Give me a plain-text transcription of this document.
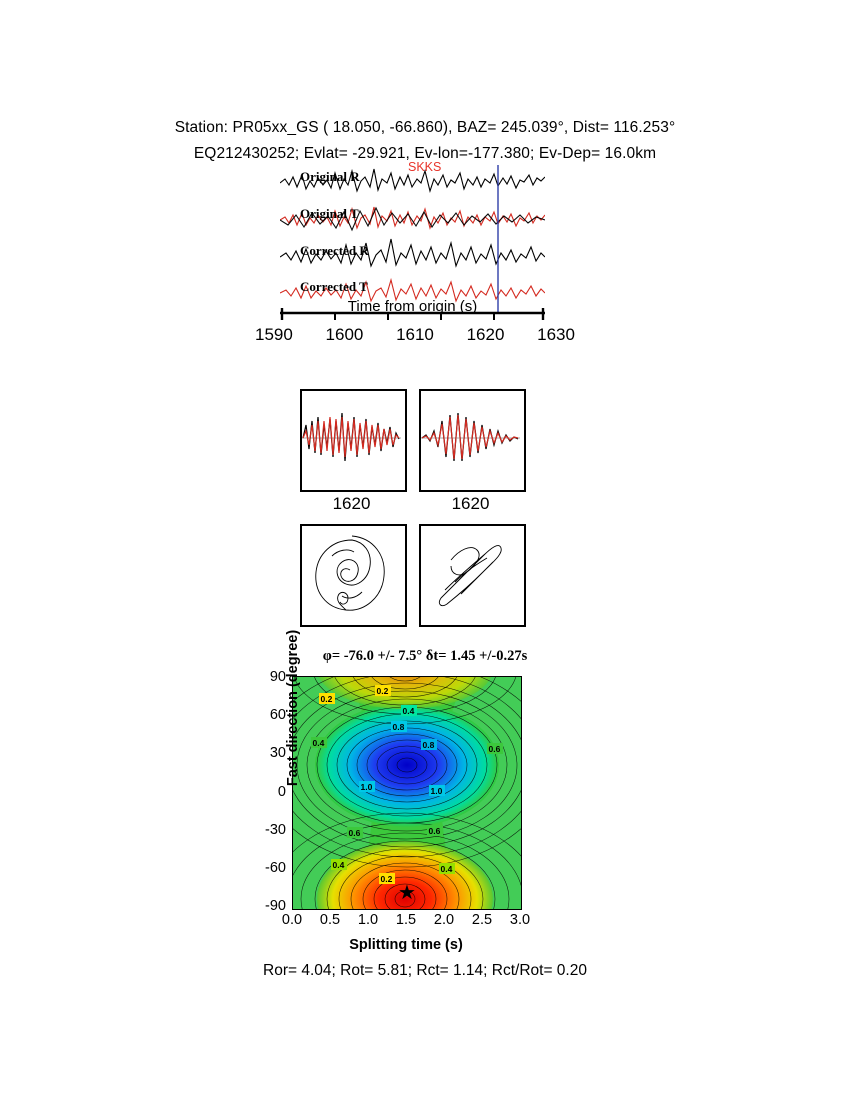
Station: PR05xx_GS ( 18.050, -66.860), BAZ= 245.039°, Dist= 116.253°
EQ212430252; Evlat= -29.921, Ev-lon=-177.380; Ev-Dep= 16.0km
Original R
Original T
Corrected R
Corrected T
SKKS
Time from origin (s)
1590 1600 1610 1620 1630
1620	1620
φ= -76.0 +/- 7.5° δt= 1.45 +/-0.27s
0.2
0.2
0.4
0.8
0.8
0.4
0.6
1.0	1.0
0.6	0.6
0.4	0.4
0.2
★
Fast direction (degree)
90
60
30
0
-30
-60
-90
0.0	0.5	1.0	1.5	2.0	2.5	3.0
Splitting time (s)
Ror= 4.04; Rot= 5.81; Rct= 1.14; Rct/Rot= 0.20
